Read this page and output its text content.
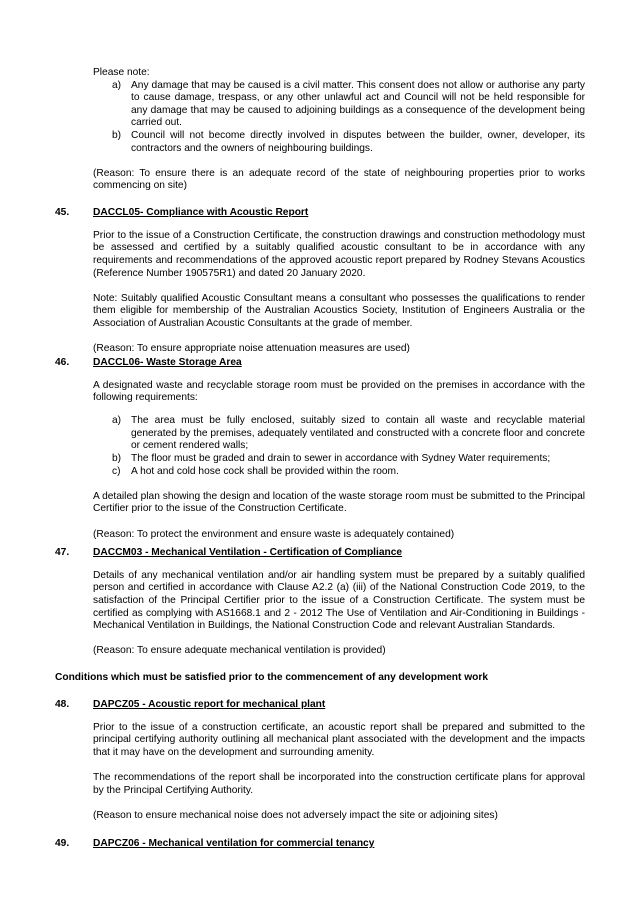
Please note:

a) Any damage that may be caused is a civil matter. This consent does not allow or authorise any party to cause damage, trespass, or any other unlawful act and Council will not be held responsible for any damage that may be caused to adjoining buildings as a consequence of the development being carried out.
b) Council will not become directly involved in disputes between the builder, owner, developer, its contractors and the owners of neighbouring buildings.

(Reason: To ensure there is an adequate record of the state of neighbouring properties prior to works commencing on site)

45. DACCL05- Compliance with Acoustic Report

Prior to the issue of a Construction Certificate, the construction drawings and construction methodology must be assessed and certified by a suitably qualified acoustic consultant to be in accordance with any requirements and recommendations of the approved acoustic report prepared by Rodney Stevans Acoustics (Reference Number 190575R1) and dated 20 January 2020.

Note: Suitably qualified Acoustic Consultant means a consultant who possesses the qualifications to render them eligible for membership of the Australian Acoustics Society, Institution of Engineers Australia or the Association of Australian Acoustic Consultants at the grade of member.

(Reason: To ensure appropriate noise attenuation measures are used)

46. DACCL06- Waste Storage Area

A designated waste and recyclable storage room must be provided on the premises in accordance with the following requirements:

a) The area must be fully enclosed, suitably sized to contain all waste and recyclable material generated by the premises, adequately ventilated and constructed with a concrete floor and concrete or cement rendered walls;
b) The floor must be graded and drain to sewer in accordance with Sydney Water requirements;
c) A hot and cold hose cock shall be provided within the room.

A detailed plan showing the design and location of the waste storage room must be submitted to the Principal Certifier prior to the issue of the Construction Certificate.

(Reason: To protect the environment and ensure waste is adequately contained)

47. DACCM03 - Mechanical Ventilation - Certification of Compliance

Details of any mechanical ventilation and/or air handling system must be prepared by a suitably qualified person and certified in accordance with Clause A2.2 (a) (iii) of the National Construction Code 2019, to the satisfaction of the Principal Certifier prior to the issue of a Construction Certificate. The system must be certified as complying with AS1668.1 and 2 - 2012 The Use of Ventilation and Air-Conditioning in Buildings - Mechanical Ventilation in Buildings, the National Construction Code and relevant Australian Standards.

(Reason: To ensure adequate mechanical ventilation is provided)

Conditions which must be satisfied prior to the commencement of any development work
48. DAPCZ05 - Acoustic report for mechanical plant

Prior to the issue of a construction certificate, an acoustic report shall be prepared and submitted to the principal certifying authority outlining all mechanical plant associated with the development and the impacts that it may have on the development and surrounding amenity.

The recommendations of the report shall be incorporated into the construction certificate plans for approval by the Principal Certifying Authority.

(Reason to ensure mechanical noise does not adversely impact the site or adjoining sites)

49. DAPCZ06 - Mechanical ventilation for commercial tenancy
